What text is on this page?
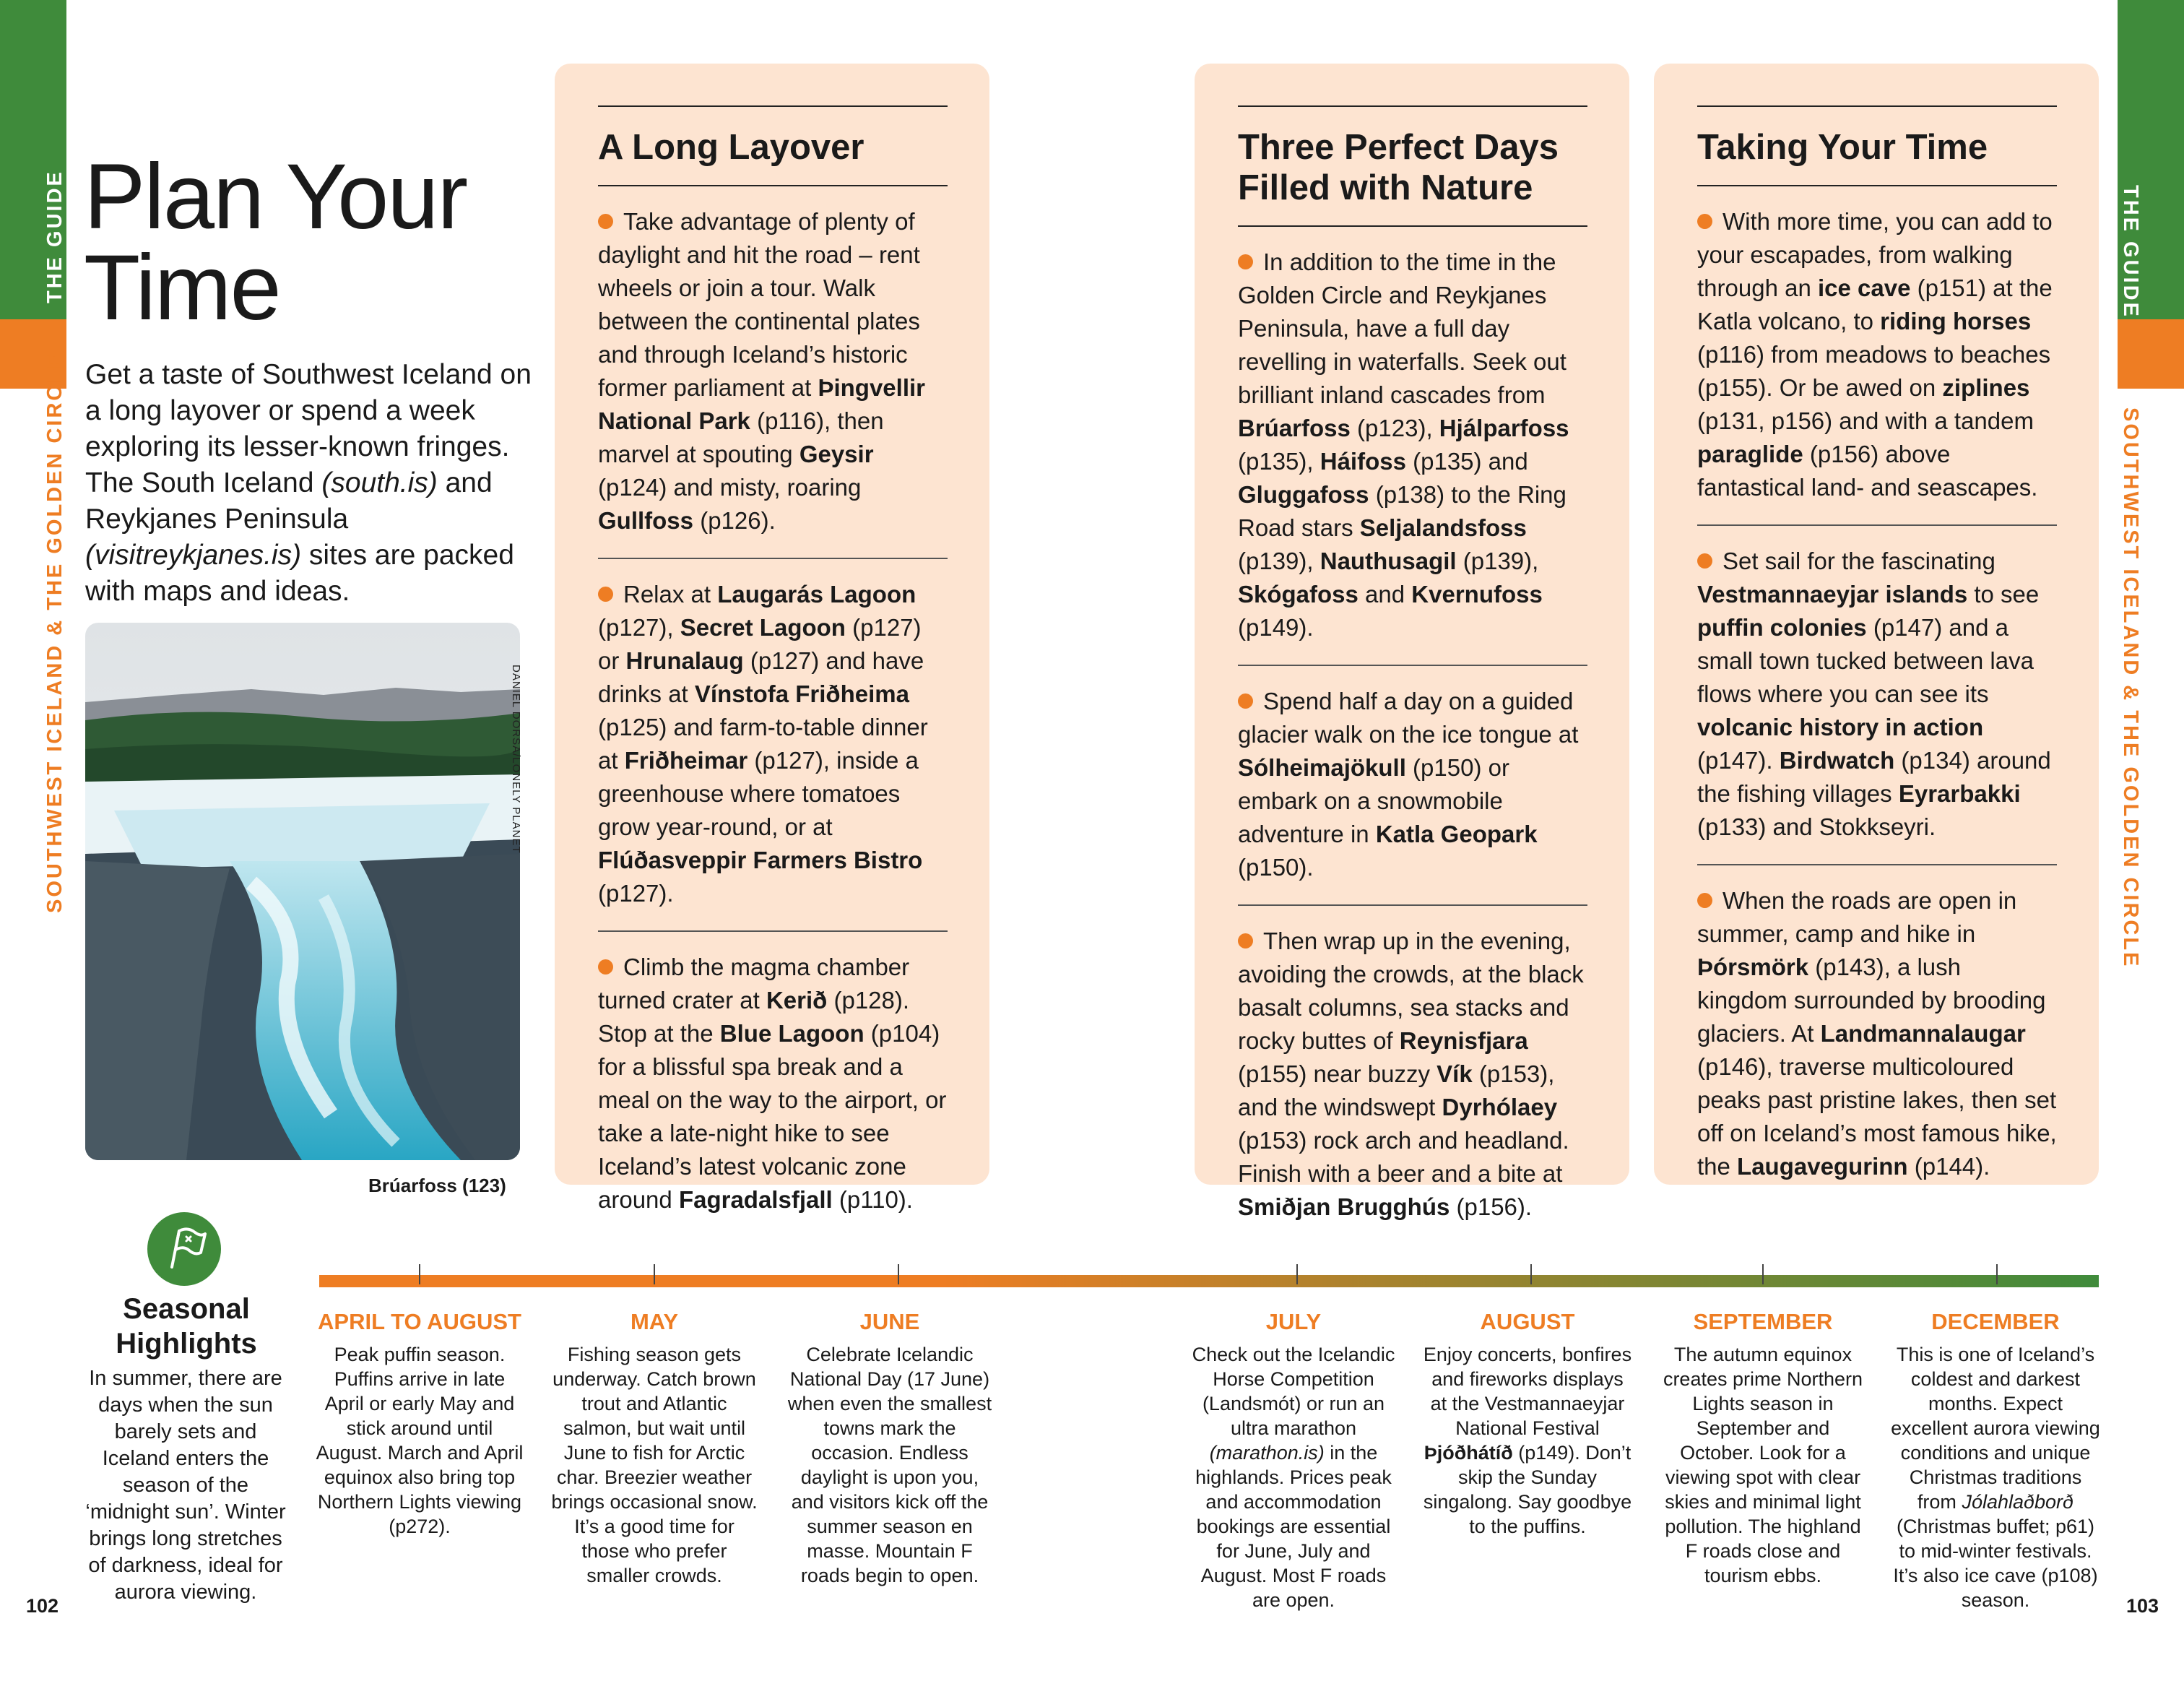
THE GUIDE
SOUTHWEST ICELAND & THE GOLDEN CIRCLE
THE GUIDE
SOUTHWEST ICELAND & THE GOLDEN CIRCLE
102	103
Plan Your
Time

Get a taste of Southwest Iceland on a long layover or spend a week exploring its lesser-known fringes. The South Iceland (south.is) and Reykjanes Peninsula (visitreykjanes.is) sites are packed with maps and ideas.

DANIEL DORSA/LONELY PLANET
Brúarfoss (123)
A Long Layover
Take advantage of plenty of daylight and hit the road – rent wheels or join a tour. Walk between the continental plates and through Iceland’s historic former parliament at Þingvellir National Park (p116), then marvel at spouting Geysir (p124) and misty, roaring Gullfoss (p126).
Relax at Laugarás Lagoon (p127), Secret Lagoon (p127) or Hrunalaug (p127) and have drinks at Vínstofa Friðheima (p125) and farm-to-table dinner at Friðheimar (p127), inside a greenhouse where tomatoes grow year-round, or at Flúðasveppir Farmers Bistro (p127).
Climb the magma chamber turned crater at Kerið (p128). Stop at the Blue Lagoon (p104) for a blissful spa break and a meal on the way to the airport, or take a late-night hike to see Iceland’s latest volcanic zone around Fagradalsfjall (p110).
Three Perfect Days Filled with Nature
In addition to the time in the Golden Circle and Reykjanes Peninsula, have a full day revelling in waterfalls. Seek out brilliant inland cascades from Brúarfoss (p123), Hjálparfoss (p135), Háifoss (p135) and Gluggafoss (p138) to the Ring Road stars Seljalandsfoss (p139), Nauthusagil (p139), Skógafoss and Kvernufoss (p149).
Spend half a day on a guided glacier walk on the ice tongue at Sólheimajökull (p150) or embark on a snowmobile adventure in Katla Geopark (p150).
Then wrap up in the evening, avoiding the crowds, at the black basalt columns, sea stacks and rocky buttes of Reynisfjara (p155) near buzzy Vík (p153), and the windswept Dyrhólaey (p153) rock arch and headland. Finish with a beer and a bite at Smiðjan Brugghús (p156).
Taking Your Time
With more time, you can add to your escapades, from walking through an ice cave (p151) at the Katla volcano, to riding horses (p116) from meadows to beaches (p155). Or be awed on ziplines (p131, p156) and with a tandem paraglide (p156) above fantastical land- and seascapes.
Set sail for the fascinating Vestmannaeyjar islands to see puffin colonies (p147) and a small town tucked between lava flows where you can see its volcanic history in action (p147). Birdwatch (p134) around the fishing villages Eyrarbakki (p133) and Stokkseyri.
When the roads are open in summer, camp and hike in Þórsmörk (p143), a lush kingdom surrounded by brooding glaciers. At Landmannalaugar (p146), traverse multicoloured peaks past pristine lakes, then set off on Iceland’s most famous hike, the Laugavegurinn (p144).
Seasonal Highlights
In summer, there are days when the sun barely sets and Iceland enters the season of the ‘midnight sun’. Winter brings long stretches of darkness, ideal for aurora viewing.
APRIL TO AUGUST
Peak puffin season. Puffins arrive in late April or early May and stick around until August. March and April equinox also bring top Northern Lights viewing (p272).
MAY
Fishing season gets underway. Catch brown trout and Atlantic salmon, but wait until June to fish for Arctic char. Breezier weather brings occasional snow. It’s a good time for those who prefer smaller crowds.
JUNE
Celebrate Icelandic National Day (17 June) when even the smallest towns mark the occasion. Endless daylight is upon you, and visitors kick off the summer season en masse. Mountain F roads begin to open.
JULY
Check out the Icelandic Horse Competition (Landsmót) or run an ultra marathon (marathon.is) in the highlands. Prices peak and accommodation bookings are essential for June, July and August. Most F roads are open.
AUGUST
Enjoy concerts, bonfires and fireworks displays at the Vestmannaeyjar National Festival Þjóðhátíð (p149). Don’t skip the Sunday singalong. Say goodbye to the puffins.
SEPTEMBER
The autumn equinox creates prime Northern Lights season in September and October. Look for a viewing spot with clear skies and minimal light pollution. The highland F roads close and tourism ebbs.
DECEMBER
This is one of Iceland’s coldest and darkest months. Expect excellent aurora viewing conditions and unique Christmas traditions from Jólahlaðborð (Christmas buffet; p61) to mid-winter festivals. It’s also ice cave (p108) season.
